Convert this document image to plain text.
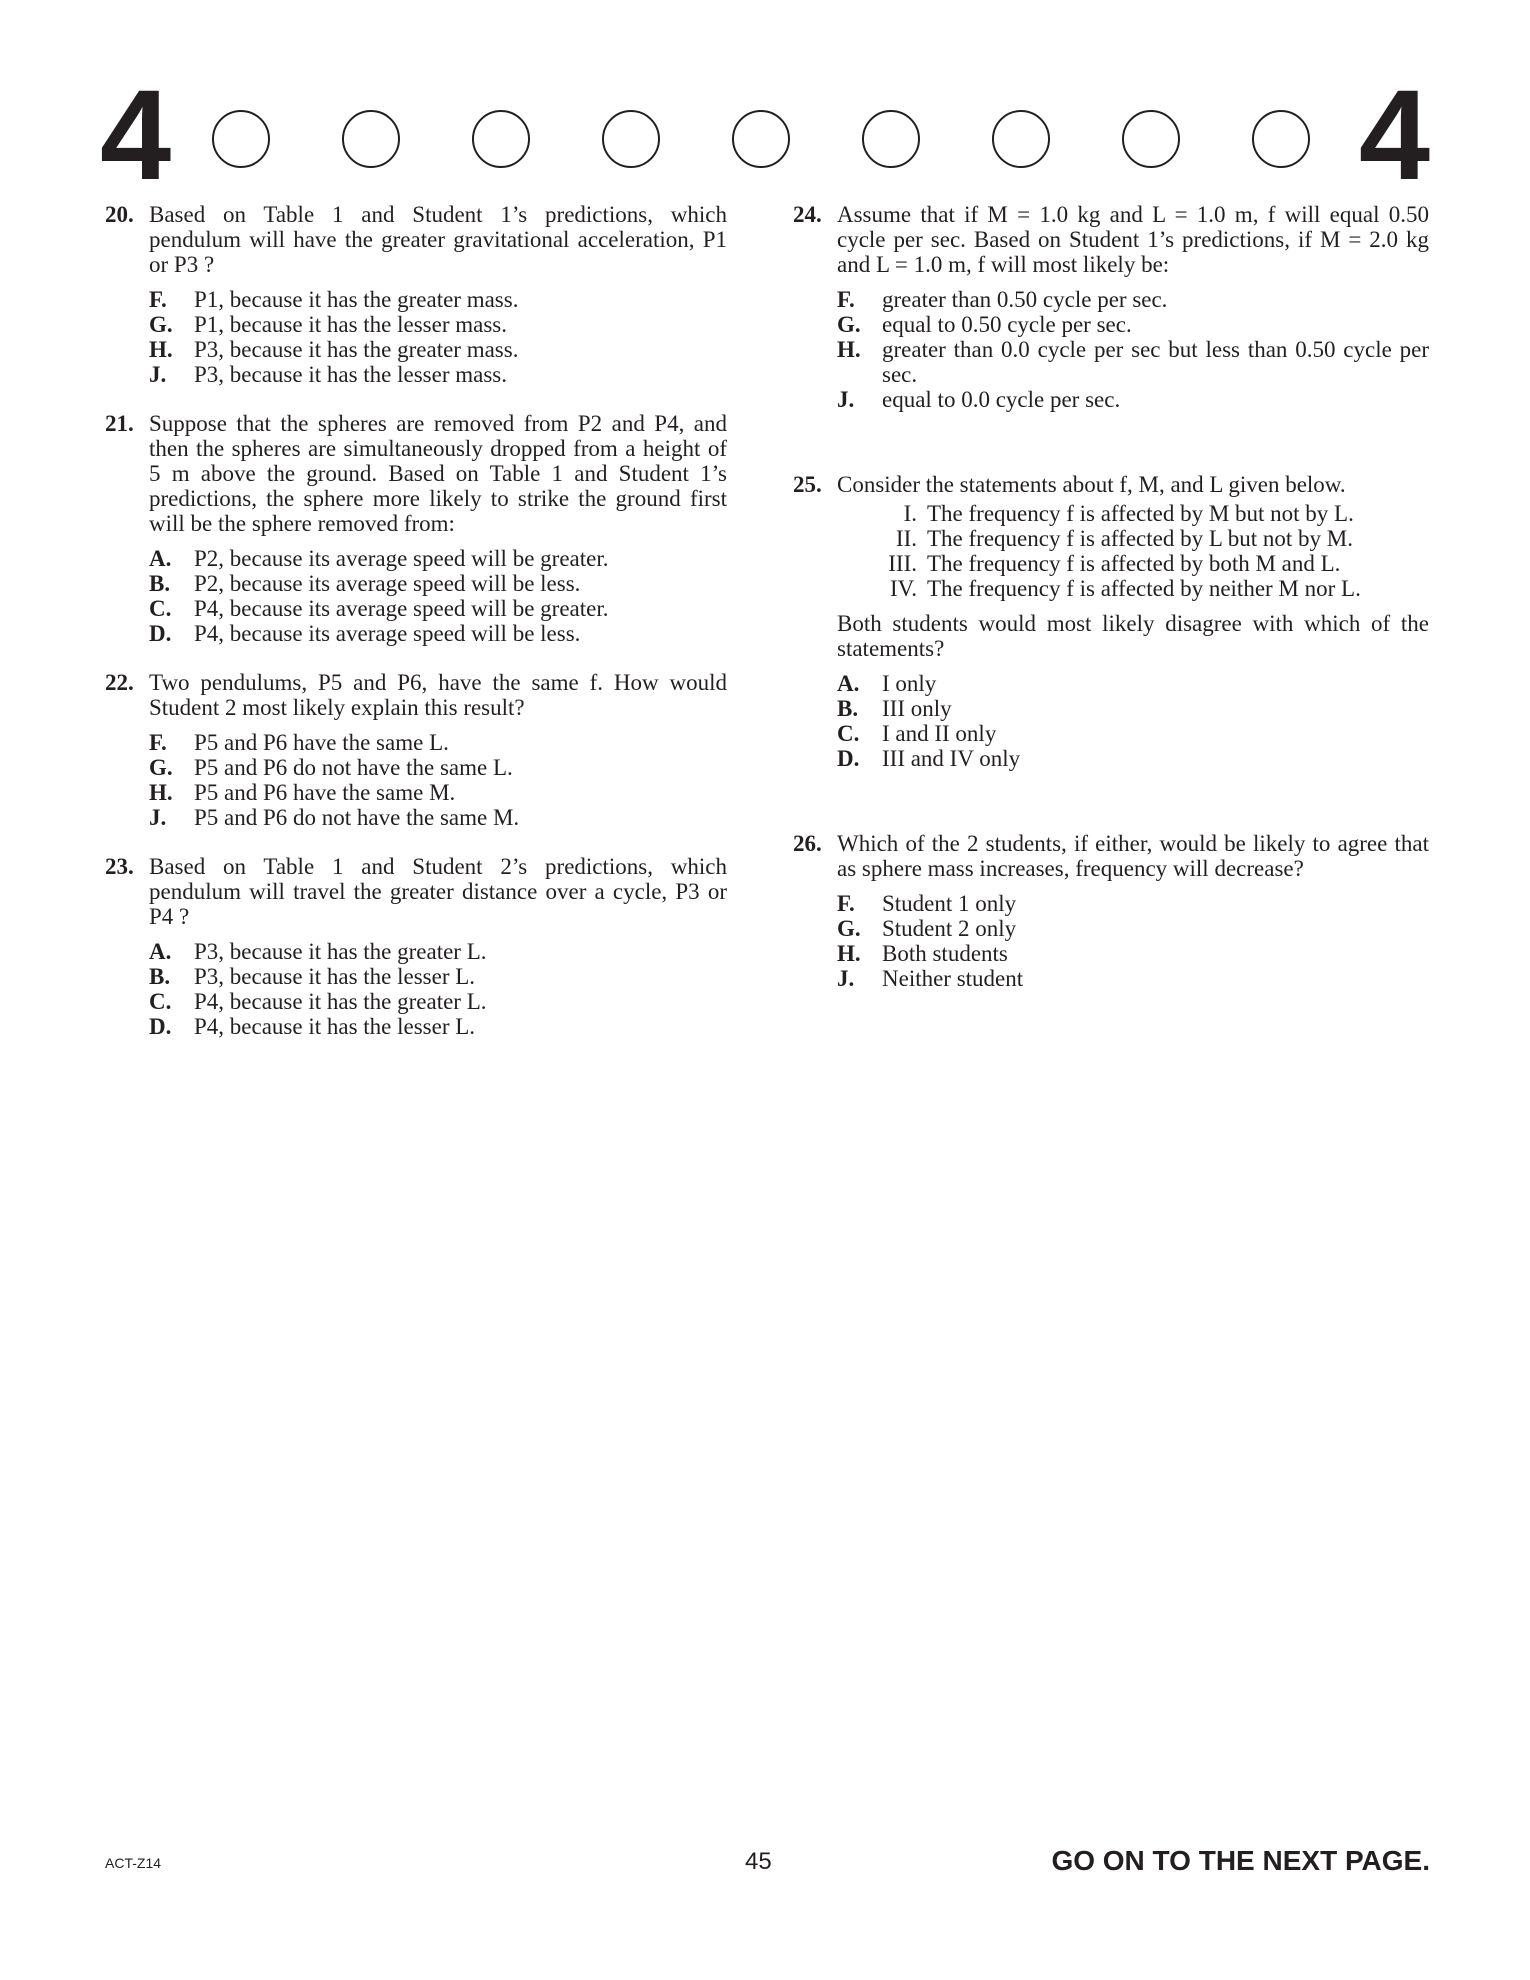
4	4
20. Based on Table 1 and Student 1’s predictions, which pendulum will have the greater gravitational acceleration, P1 or P3 ?
F. P1, because it has the greater mass.
G. P1, because it has the lesser mass.
H. P3, because it has the greater mass.
J. P3, because it has the lesser mass.
21. Suppose that the spheres are removed from P2 and P4, and then the spheres are simultaneously dropped from a height of 5 m above the ground. Based on Table 1 and Student 1’s predictions, the sphere more likely to strike the ground first will be the sphere removed from:
A. P2, because its average speed will be greater.
B. P2, because its average speed will be less.
C. P4, because its average speed will be greater.
D. P4, because its average speed will be less.
22. Two pendulums, P5 and P6, have the same f. How would Student 2 most likely explain this result?
F. P5 and P6 have the same L.
G. P5 and P6 do not have the same L.
H. P5 and P6 have the same M.
J. P5 and P6 do not have the same M.
23. Based on Table 1 and Student 2’s predictions, which pendulum will travel the greater distance over a cycle, P3 or P4 ?
A. P3, because it has the greater L.
B. P3, because it has the lesser L.
C. P4, because it has the greater L.
D. P4, because it has the lesser L.
24. Assume that if M = 1.0 kg and L = 1.0 m, f will equal 0.50 cycle per sec. Based on Student 1’s predictions, if M = 2.0 kg and L = 1.0 m, f will most likely be:
F. greater than 0.50 cycle per sec.
G. equal to 0.50 cycle per sec.
H. greater than 0.0 cycle per sec but less than 0.50 cycle per sec.
J. equal to 0.0 cycle per sec.
25. Consider the statements about f, M, and L given below.
I. The frequency f is affected by M but not by L.
II. The frequency f is affected by L but not by M.
III. The frequency f is affected by both M and L.
IV. The frequency f is affected by neither M nor L.
Both students would most likely disagree with which of the statements?
A. I only
B. III only
C. I and II only
D. III and IV only
26. Which of the 2 students, if either, would be likely to agree that as sphere mass increases, frequency will decrease?
F. Student 1 only
G. Student 2 only
H. Both students
J. Neither student
ACT-Z14	45	GO ON TO THE NEXT PAGE.
